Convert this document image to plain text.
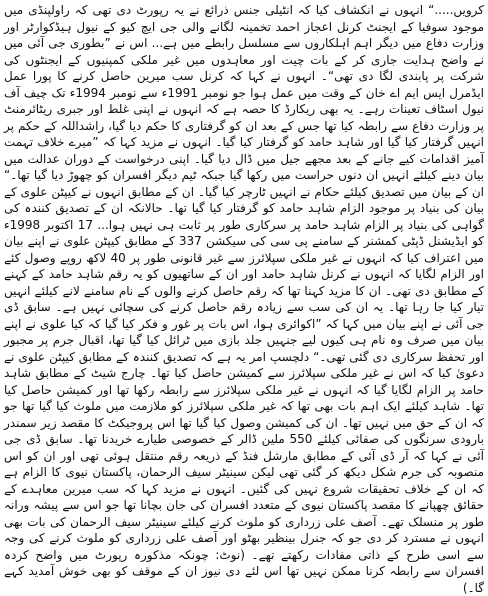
کرویں.....“ انہوں نے انکشاف کیا کہ انٹیلی جنس ذرائع نے یہ رپورٹ دی تھی کہ راولپنڈی میں موجود سوفیا کے ایجنٹ کرنل اعجاز احمد تخمینہ لگانے والی جی ایچ کیو کے نیول ہیڈکوارٹر اور وزارت دفاع میں دیگر اہم اہلکاروں سے مسلسل رابطے میں ہے... اس نے ”بطوری جی آئی میں نے واضح ہدایت جاری کر کے بات چیت اور معاہدوں میں غیر ملکی کمپنیوں کے ایجنٹوں کی شرکت پر پابندی لگا دی تھی“۔ انہوں نے کہا کہ کرنل سب میرین حاصل کرنے کا پورا عمل ایڈمرل ایس ایم اے خان کے وقت میں عمل ہوا جو نومبر 1991ء سے نومبر 1994ء تک چیف آف نیول اسٹاف تعینات رہے۔ یہ بھی ریکارڈ کا حصہ ہے کہ انہوں نے اپنی غلط اور جبری ریٹائرمنٹ پر وزارت دفاع سے رابطہ کیا تھا جس کے بعد ان کو گرفتاری کا حکم دیا گیا، راشداللہ کے حکم پر انہیں گرفتار کیا گیا اور شاہد حامد کو گرفتار کیا گیا۔ انہوں نے مزید کہا کہ ”میرے خلاف تہمت آمیز اقدامات کیے جانے کے بعد مجھے جیل میں ڈال دیا گیا۔ اپنی درخواست کے دوران عدالت میں بیان دینے کیلئے انہیں ان دنوں حراست میں رکھا گیا جبکہ ٹیم دیگر افسران کو چھوڑ دیا گیا تھا۔“ ان کے بیان میں تصدیق کیلئے حکام نے انہیں ٹارچر کیا گیا۔ ان کے مطابق انہوں نے کیپٹن علوی کے بیان کی بنیاد پر موجود الزام شاہد حامد کو گرفتار کیا گیا تھا۔ حالانکہ ان کے تصدیق کنندہ کی گواہی کی بنیاد پر الزام شاہد حامد پر سرکاری طور پر ثابت ہی نہیں ہوا... 17 اکتوبر 1998ء کو ایڈیشنل ڈپٹی کمشنر کے سامنے پی سی کی سیکشن 337 کے مطابق کیپٹن علوی نے اپنے بیان میں اعتراف کیا کہ انہوں نے غیر ملکی سپلائرز سے غیر قانونی طور پر 40 لاکھ روپے وصول کئے اور الزام لگایا کہ انہوں نے کرنل شاہد حامد اور ان کے ساتھیوں کو یہ رقم شاہد حامد کے کہنے کے مطابق دی تھی۔ ان کا مزید کہنا تھا کہ رقم حاصل کرنے والوں کے نام سامنے لانے کیلئے انہیں تیار کیا جا رہا تھا۔ یہ ان کی سب سے زیادہ رقم حاصل کرنے کی سچائی نہیں ہے۔ سابق ڈی جی آئی نے اپنے بیان میں کہا کہ ”اکوائری ہوا، اس بات پر غور و فکر کیا گیا کہ کیا علوی نے اپنے بیان میں صرف وہ نام ہی کیوں لیے جنہیں جلد بازی میں ٹرائل کیا گیا تھا، اقبال جرم پر مجبور اور تحفظ سرکاری دی گئی تھی۔“ دلچسپ امر یہ ہے کہ تصدیق کنندہ کے مطابق کیپٹن علوی نے دعویٰ کیا کہ اس نے غیر ملکی سپلائرز سے کمیشن حاصل کیا تھا۔ چارج شیٹ کے مطابق شاہد حامد پر الزام لگایا گیا کہ انہوں نے غیر ملکی سپلائرز سے رابطہ رکھا تھا اور کمیشن حاصل کیا تھا۔ شاہد کیلئے ایک اہم بات بھی تھا کہ غیر ملکی سپلائرز کو ملازمت میں ملوث کیا گیا تھا جو کہ ان کے حق میں نہیں تھا۔ ان کی کمیشن وصول کیا گیا تھا اس پروجیکٹ کا مقصد زیر سمندر بارودی سرنگوں کی صفائی کیلئے 550 ملین ڈالر کے خصوصی طیارے خریدنا تھا۔ سابق ڈی جی آئی نے کہا کہ آر ڈی آئی کے مطابق مارشل فنڈ کے ذریعہ رقم منتقل ہوئی تھی اور ان کو اس منصوبہ کی جرم شکل دیکھ کر گئی تھی لیکن سینیٹر سیف الرحمان، پاکستان نیوی کا الزام ہے کہ ان کے خلاف تحقیقات شروع نہیں کی گئیں۔ انہوں نے مزید کہا کہ سب میرین معاہدے کے حقائق چھپانے کا مقصد پاکستان نیوی کے متعدد افسران کی جان بچانا تھا جو اس سے پیشہ ورانہ طور پر منسلک تھے۔ آصف علی زرداری کو ملوث کرنے کیلئے سینیٹر سیف الرحمان کی بات بھی انہوں نے مسترد کر دی جو کہ جنرل بینظیر بھٹو اور آصف علی زرداری کو ملوث کرنے کی وجہ سے اسی طرح کے ذاتی مفادات رکھتے تھے۔ (نوٹ: چونکہ مذکورہ رپورٹ میں واضح کردہ افسران سے رابطہ کرنا ممکن نہیں تھا اس لئے دی نیوز ان کے موقف کو بھی خوش آمدید کہے گا۔)
